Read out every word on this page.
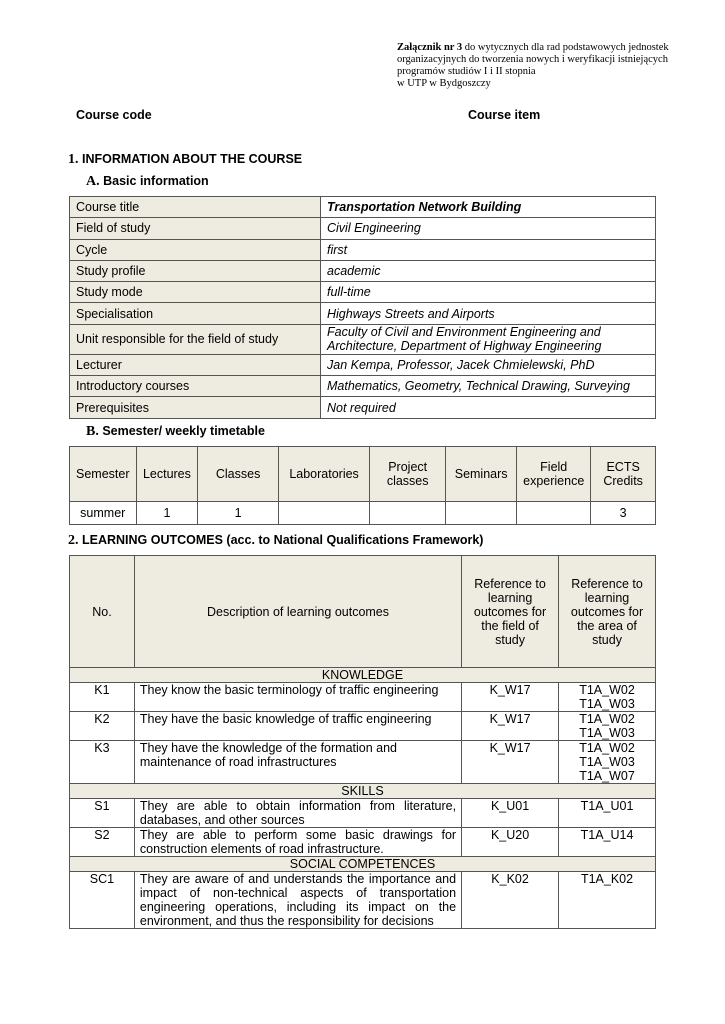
Załącznik nr 3 do wytycznych dla rad podstawowych jednostek
organizacyjnych do tworzenia nowych i weryfikacji istniejących
programów studiów I i II stopnia
w UTP w Bydgoszczy
Course code	Course item
1. INFORMATION ABOUT THE COURSE
A. Basic information
Course title	Transportation Network Building
Field of study	Civil Engineering
Cycle	first
Study profile	academic
Study mode	full-time
Specialisation	Highways Streets and Airports
Unit responsible for the field of study	Faculty of Civil and Environment Engineering and Architecture, Department of Highway Engineering
Lecturer	Jan Kempa, Professor, Jacek Chmielewski, PhD
Introductory courses	Mathematics, Geometry, Technical Drawing, Surveying
Prerequisites	Not required
B. Semester/ weekly timetable
Semester	Lectures	Classes	Laboratories	Project classes	Seminars	Field experience	ECTS Credits
summer	1	1					3
2. LEARNING OUTCOMES (acc. to National Qualifications Framework)
No.	Description of learning outcomes	Reference to learning outcomes for the field of study	Reference to learning outcomes for the area of study
KNOWLEDGE			
K1	They know the basic terminology of traffic engineering	K_W17	T1A_W02
T1A_W03
K2	They have the basic knowledge of traffic engineering	K_W17	T1A_W02
T1A_W03
K3	They have the knowledge of the formation and maintenance of road infrastructures	K_W17	T1A_W02
T1A_W03
T1A_W07
SKILLS			
S1	They are able to obtain information from literature, databases, and other sources	K_U01	T1A_U01
S2	They are able to perform some basic drawings for construction elements of road infrastructure.	K_U20	T1A_U14
SOCIAL COMPETENCES			
SC1	They are aware of and understands the importance and impact of non-technical aspects of transportation engineering operations, including its impact on the environment, and thus the responsibility for decisions	K_K02	T1A_K02
